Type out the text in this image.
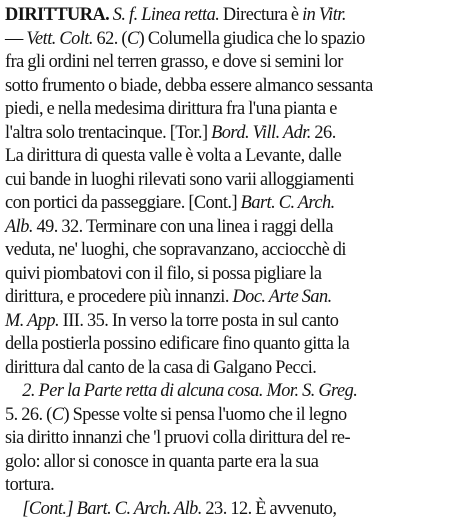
DIRITTURA. S. f. Linea retta. Directura è in Vitr.
— Vett. Colt. 62. (C) Columella giudica che lo spazio
fra gli ordini nel terren grasso, e dove si semini lor
sotto frumento o biade, debba essere almanco sessanta
piedi, e nella medesima dirittura fra l'una pianta e
l'altra solo trentacinque. [Tor.] Bord. Vill. Adr. 26.
La dirittura di questa valle è volta a Levante, dalle
cui bande in luoghi rilevati sono varii alloggiamenti
con portici da passeggiare. [Cont.] Bart. C. Arch.
Alb. 49. 32. Terminare con una linea i raggi della
veduta, ne' luoghi, che sopravanzano, acciocchè di
quivi piombatovi con il filo, si possa pigliare la
dirittura, e procedere più innanzi. Doc. Arte San.
M. App. III. 35. In verso la torre posta in sul canto
della postierla possino edificare fino quanto gitta la
dirittura dal canto de la casa di Galgano Pecci.
2. Per la Parte retta di alcuna cosa. Mor. S. Greg.
5. 26. (C) Spesse volte si pensa l'uomo che il legno
sia diritto innanzi che 'l pruovi colla dirittura del re-
golo: allor si conosce in quanta parte era la sua
tortura.
[Cont.] Bart. C. Arch. Alb. 23. 12. È avvenuto,
